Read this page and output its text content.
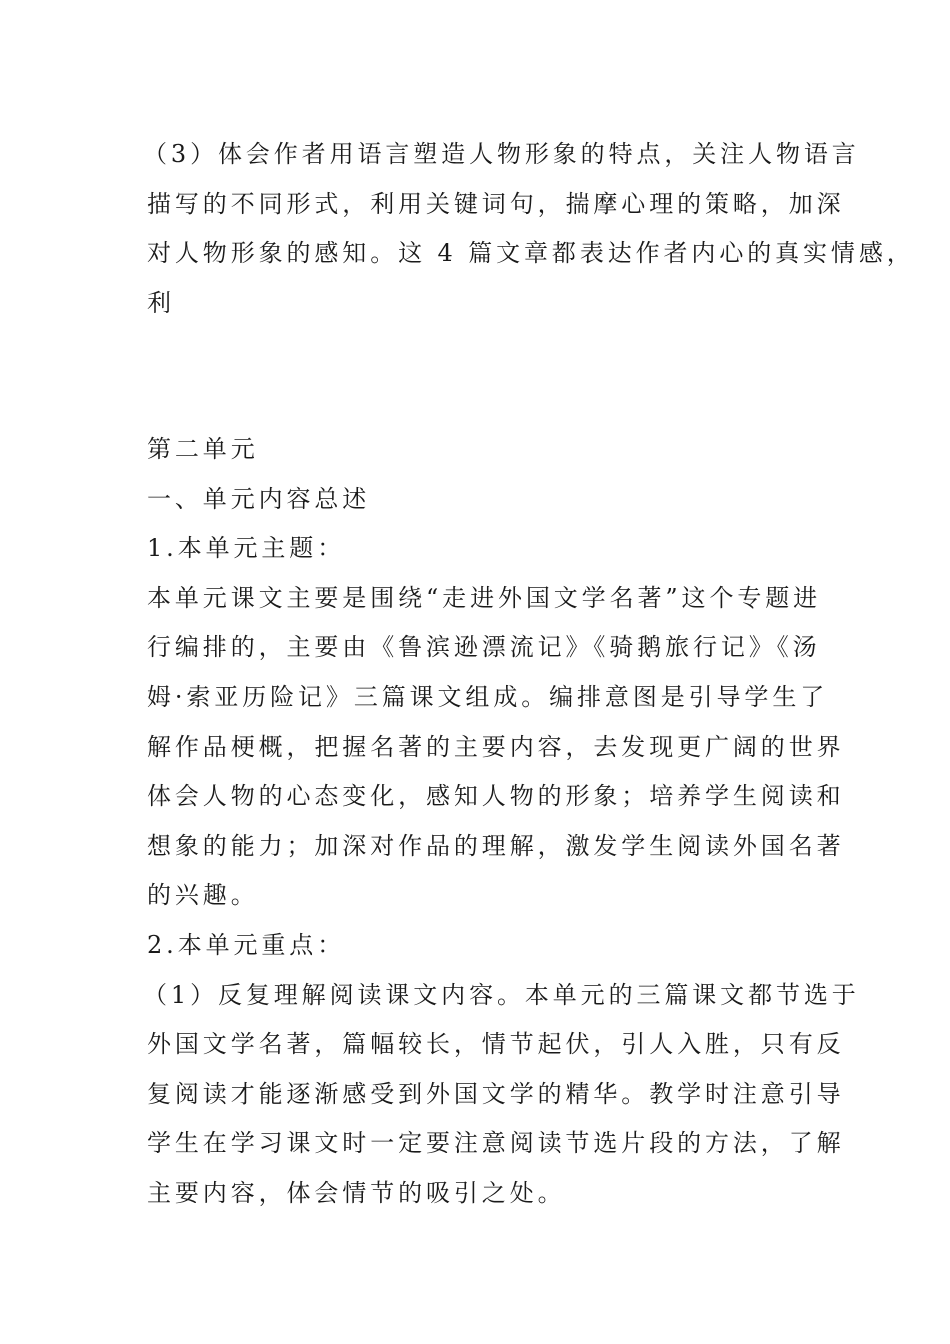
（3）体会作者用语言塑造人物形象的特点，关注人物语言
描写的不同形式，利用关键词句，揣摩心理的策略，加深
对人物形象的感知。这 4 篇文章都表达作者内心的真实情感，
利
第二单元
一、单元内容总述
1.本单元主题：
本单元课文主要是围绕“走进外国文学名著”这个专题进
行编排的，主要由《鲁滨逊漂流记》《骑鹅旅行记》《汤
姆·索亚历险记》三篇课文组成。编排意图是引导学生了
解作品梗概，把握名著的主要内容，去发现更广阔的世界
体会人物的心态变化，感知人物的形象；培养学生阅读和
想象的能力；加深对作品的理解，激发学生阅读外国名著
的兴趣。
2.本单元重点：
（1）反复理解阅读课文内容。本单元的三篇课文都节选于
外国文学名著，篇幅较长，情节起伏，引人入胜，只有反
复阅读才能逐渐感受到外国文学的精华。教学时注意引导
学生在学习课文时一定要注意阅读节选片段的方法，了解
主要内容，体会情节的吸引之处。
